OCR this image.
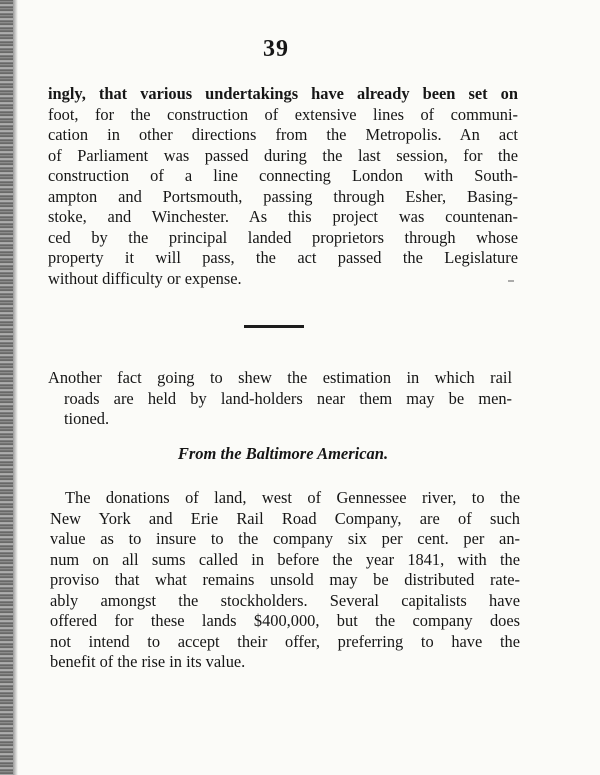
39
ingly, that various undertakings have already been set on
foot, for the construction of extensive lines of communi-
cation in other directions from the Metropolis. An act
of Parliament was passed during the last session, for the
construction of a line connecting London with South-
ampton and Portsmouth, passing through Esher, Basing-
stoke, and Winchester. As this project was countenan-
ced by the principal landed proprietors through whose
property it will pass, the act passed the Legislature
without difficulty or expense.
Another fact going to shew the estimation in which rail
roads are held by land-holders near them may be men-
tioned.

From the Baltimore American.

The donations of land, west of Gennessee river, to the
New York and Erie Rail Road Company, are of such
value as to insure to the company six per cent. per an-
num on all sums called in before the year 1841, with the
proviso that what remains unsold may be distributed rate-
ably amongst the stockholders. Several capitalists have
offered for these lands $400,000, but the company does
not intend to accept their offer, preferring to have the
benefit of the rise in its value.
